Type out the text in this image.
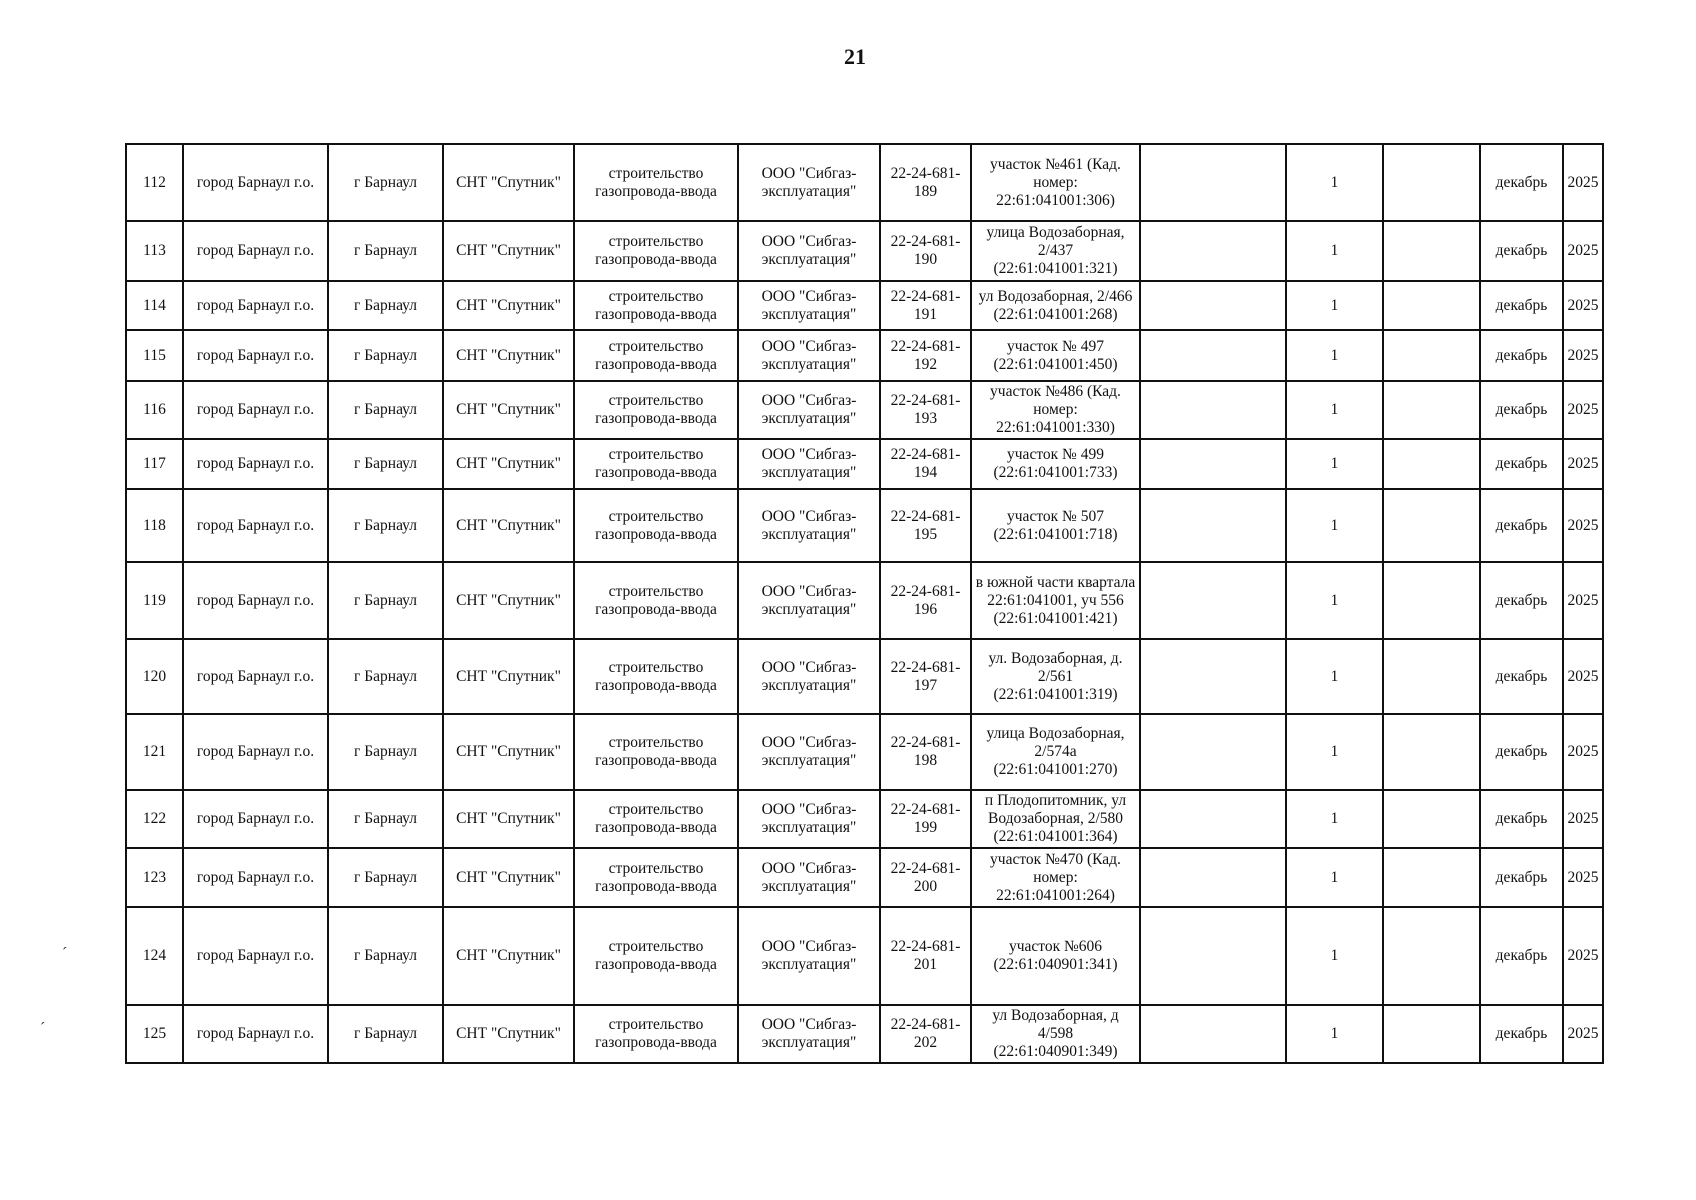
21
112	город Барнаул г.о.	г Барнаул	СНТ "Спутник"	строительство газопровода-ввода	ООО "Сибгаз-эксплуатация"	22-24-681-189	участок №461 (Кад. номер: 22:61:041001:306)		1		декабрь	2025
113	город Барнаул г.о.	г Барнаул	СНТ "Спутник"	строительство газопровода-ввода	ООО "Сибгаз-эксплуатация"	22-24-681-190	улица Водозаборная, 2/437 (22:61:041001:321)		1		декабрь	2025
114	город Барнаул г.о.	г Барнаул	СНТ "Спутник"	строительство газопровода-ввода	ООО "Сибгаз-эксплуатация"	22-24-681-191	ул Водозаборная, 2/466 (22:61:041001:268)		1		декабрь	2025
115	город Барнаул г.о.	г Барнаул	СНТ "Спутник"	строительство газопровода-ввода	ООО "Сибгаз-эксплуатация"	22-24-681-192	участок № 497 (22:61:041001:450)		1		декабрь	2025
116	город Барнаул г.о.	г Барнаул	СНТ "Спутник"	строительство газопровода-ввода	ООО "Сибгаз-эксплуатация"	22-24-681-193	участок №486 (Кад. номер: 22:61:041001:330)		1		декабрь	2025
117	город Барнаул г.о.	г Барнаул	СНТ "Спутник"	строительство газопровода-ввода	ООО "Сибгаз-эксплуатация"	22-24-681-194	участок № 499 (22:61:041001:733)		1		декабрь	2025
118	город Барнаул г.о.	г Барнаул	СНТ "Спутник"	строительство газопровода-ввода	ООО "Сибгаз-эксплуатация"	22-24-681-195	участок № 507 (22:61:041001:718)		1		декабрь	2025
119	город Барнаул г.о.	г Барнаул	СНТ "Спутник"	строительство газопровода-ввода	ООО "Сибгаз-эксплуатация"	22-24-681-196	в южной части квартала 22:61:041001, уч 556 (22:61:041001:421)		1		декабрь	2025
120	город Барнаул г.о.	г Барнаул	СНТ "Спутник"	строительство газопровода-ввода	ООО "Сибгаз-эксплуатация"	22-24-681-197	ул. Водозаборная, д. 2/561 (22:61:041001:319)		1		декабрь	2025
121	город Барнаул г.о.	г Барнаул	СНТ "Спутник"	строительство газопровода-ввода	ООО "Сибгаз-эксплуатация"	22-24-681-198	улица Водозаборная, 2/574а (22:61:041001:270)		1		декабрь	2025
122	город Барнаул г.о.	г Барнаул	СНТ "Спутник"	строительство газопровода-ввода	ООО "Сибгаз-эксплуатация"	22-24-681-199	п Плодопитомник, ул Водозаборная, 2/580 (22:61:041001:364)		1		декабрь	2025
123	город Барнаул г.о.	г Барнаул	СНТ "Спутник"	строительство газопровода-ввода	ООО "Сибгаз-эксплуатация"	22-24-681-200	участок №470 (Кад. номер: 22:61:041001:264)		1		декабрь	2025
124	город Барнаул г.о.	г Барнаул	СНТ "Спутник"	строительство газопровода-ввода	ООО "Сибгаз-эксплуатация"	22-24-681-201	участок №606 (22:61:040901:341)		1		декабрь	2025
125	город Барнаул г.о.	г Барнаул	СНТ "Спутник"	строительство газопровода-ввода	ООО "Сибгаз-эксплуатация"	22-24-681-202	ул Водозаборная, д 4/598 (22:61:040901:349)		1		декабрь	2025
ˊ
ˊ
